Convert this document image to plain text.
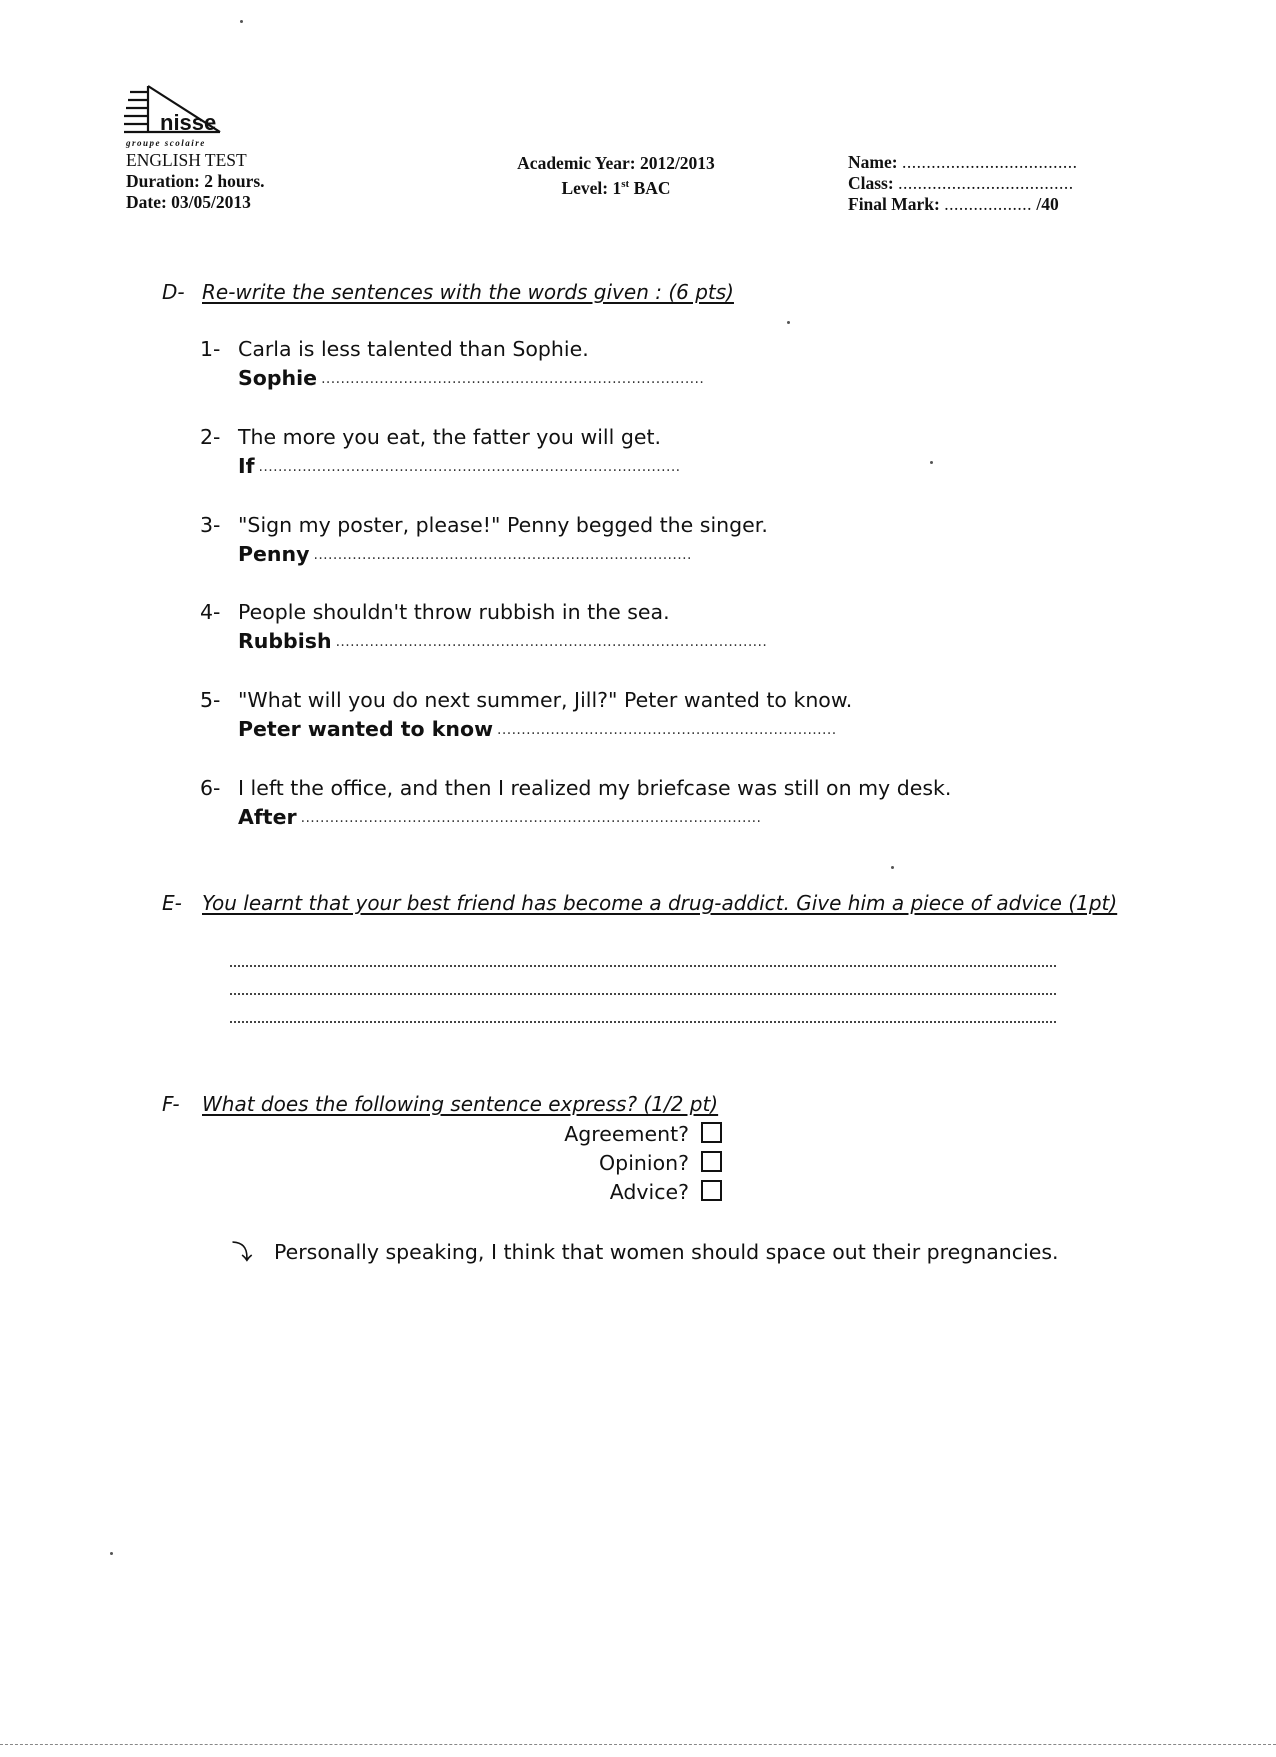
nisse
groupe scolaire
ENGLISH TEST
Duration: 2 hours.
Date: 03/05/2013
Academic Year: 2012/2013
Level: 1st BAC
Name: ....................................
Class: ....................................
Final Mark: .................. /40
D- Re-write the sentences with the words given : (6 pts)
1- Carla is less talented than Sophie.
Sophie ...............................................................................
2- The more you eat, the fatter you will get.
If .......................................................................................
3- "Sign my poster, please!" Penny begged the singer.
Penny ..............................................................................
4- People shouldn't throw rubbish in the sea.
Rubbish .........................................................................................
5- "What will you do next summer, Jill?" Peter wanted to know.
Peter wanted to know ......................................................................
6- I left the office, and then I realized my briefcase was still on my desk.
After ...............................................................................................
E- You learnt that your best friend has become a drug-addict. Give him a piece of advice (1pt)
F- What does the following sentence express? (1/2 pt)
Agreement?
Opinion?
Advice?
⤵ Personally speaking, I think that women should space out their pregnancies.
